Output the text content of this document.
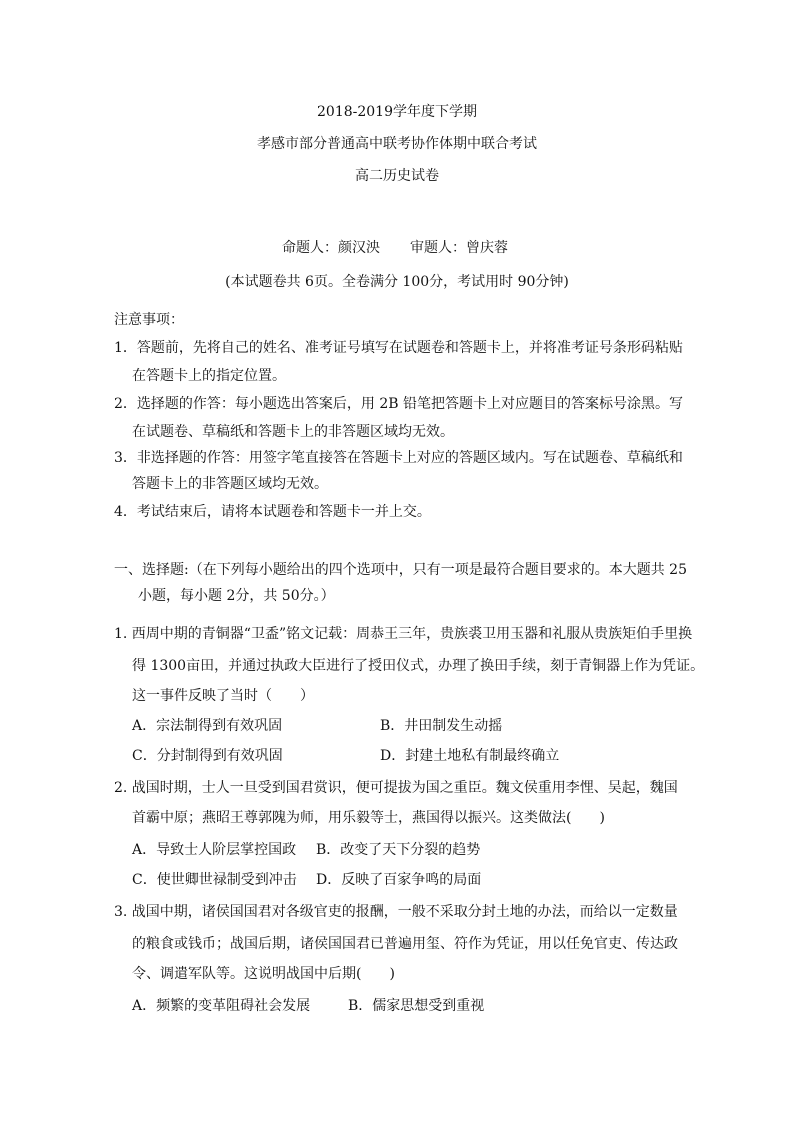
2018-2019学年度下学期
孝感市部分普通高中联考协作体期中联合考试
高二历史试卷
命题人：颜汉泱 审题人：曾庆蓉
(本试题卷共 6页。全卷满分 100分，考试用时 90分钟)
注意事项：
1．答题前，先将自己的姓名、准考证号填写在试题卷和答题卡上，并将准考证号条形码粘贴
在答题卡上的指定位置。
2．选择题的作答：每小题选出答案后，用 2B 铅笔把答题卡上对应题目的答案标号涂黑。写
在试题卷、草稿纸和答题卡上的非答题区域均无效。
3．非选择题的作答：用签字笔直接答在答题卡上对应的答题区域内。写在试题卷、草稿纸和
答题卡上的非答题区域均无效。
4．考试结束后，请将本试题卷和答题卡一并上交。
一、选择题:（在下列每小题给出的四个选项中，只有一项是最符合题目要求的。本大题共 25
小题，每小题 2分，共 50分。）
1. 西周中期的青铜器“卫盉”铭文记载：周恭王三年，贵族裘卫用玉器和礼服从贵族矩伯手里换
得 1300亩田，并通过执政大臣进行了授田仪式，办理了换田手续，刻于青铜器上作为凭证。
这一事件反映了当时（　　）
A．宗法制得到有效巩固	B．井田制发生动摇
C．分封制得到有效巩固	D．封建土地私有制最终确立
2. 战国时期，士人一旦受到国君赏识，便可提拔为国之重臣。魏文侯重用李悝、吴起，魏国
首霸中原；燕昭王尊郭隗为师，用乐毅等士，燕国得以振兴。这类做法(　　)
A．导致士人阶层掌控国政 B．改变了天下分裂的趋势
C．使世卿世禄制受到冲击 D．反映了百家争鸣的局面
3. 战国中期，诸侯国国君对各级官吏的报酬，一般不采取分封土地的办法，而给以一定数量
的粮食或钱币；战国后期，诸侯国国君已普遍用玺、符作为凭证，用以任免官吏、传达政
令、调遣军队等。这说明战国中后期(　　)
A．频繁的变革阻碍社会发展	B．儒家思想受到重视
